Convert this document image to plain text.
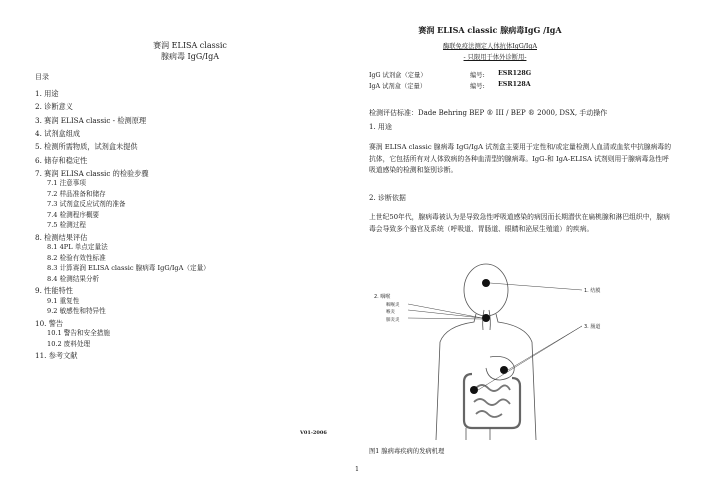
赛润 ELISA classic
腺病毒 IgG/IgA
目录
1. 用途
2. 诊断意义
3. 赛润 ELISA classic - 检测原理
4. 试剂盒组成
5. 检测所需物质，试剂盒未提供
6. 储存和稳定性
7. 赛润 ELISA classic 的检验步骤
7.1 注意事项
7.2 样品准备和储存
7.3 试剂盒反应试剂的准备
7.4 检测程序概要
7.5 检测过程
8. 检测结果评估
8.1 4PL 单点定量法
8.2 检验有效性标准
8.3 计算赛润 ELISA classic 腺病毒 IgG/IgA（定量）
8.4 检测结果分析
9. 性能特性
9.1 重复性
9.2 敏感性和特异性
10. 警告
10.1 警告和安全措施
10.2 废料处理
11. 参考文献
V01-2006
赛润 ELISA classic 腺病毒IgG /IgA
酶联免疫法测定人体抗体IgG/IgA
- 只限用于体外诊断用-
IgG 试剂盒（定量）	编号: ESR128G
IgA 试剂盒（定量）	编号: ESR128A
检测评估标准：Dade Behring BEP ® III / BEP ® 2000, DSX, 手动操作
1. 用途
赛润 ELISA classic 腺病毒 IgG/IgA 试剂盒主要用于定性和/或定量检测人血清或血浆中抗腺病毒的抗体，它包括所有对人体致病的各种血清型的腺病毒。IgG-和 IgA-ELISA 试剂则用于腺病毒急性呼吸道感染的检测和鉴别诊断。
2. 诊断依据
上世纪50年代，腺病毒被认为是导致急性呼吸道感染的病因而长期潜伏在扁桃腺和淋巴组织中，腺病毒会导致多个器官及系统（呼吸道、胃肠道、眼睛和泌尿生殖道）的疾病。
2. 咽喉
咽喉炎
喉炎
肺炎炎
1. 结膜
3. 肠道
图1 腺病毒疾病的发病机理
1
